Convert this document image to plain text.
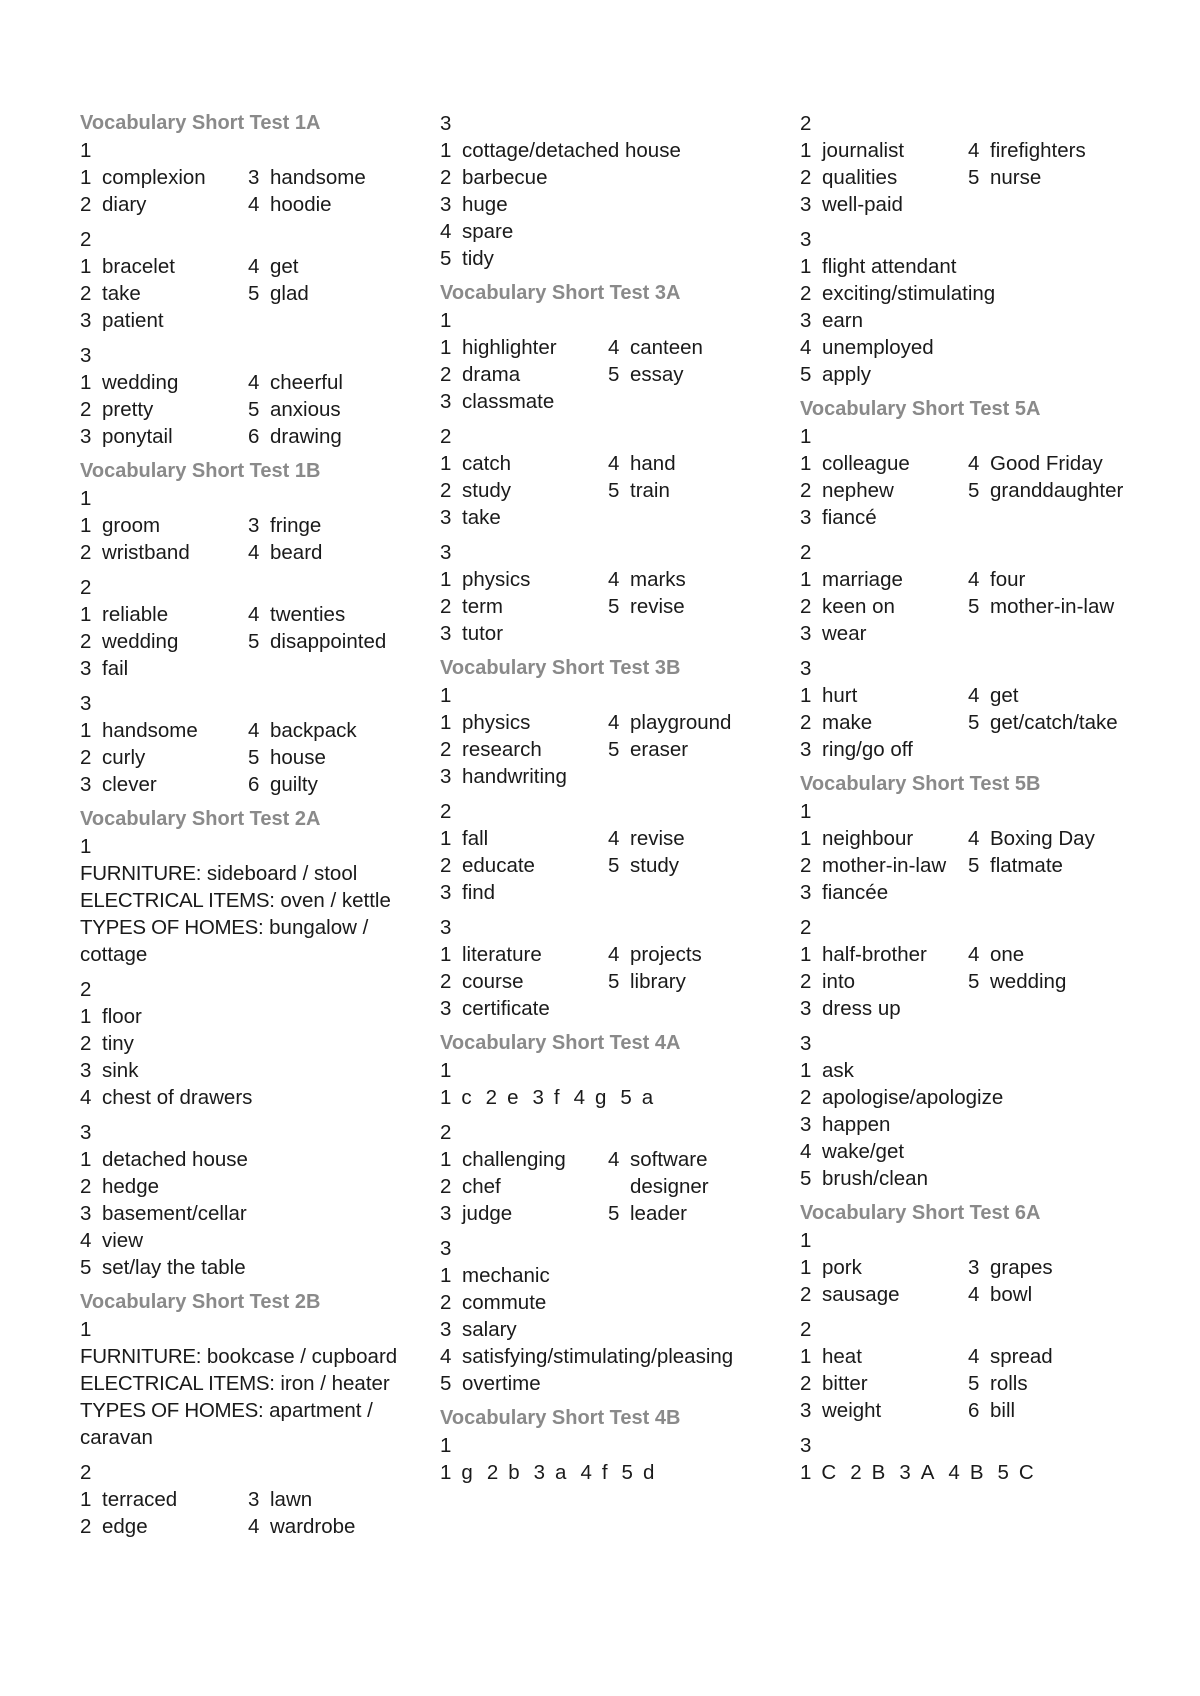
Vocabulary Short Test 1A
1
1 complexion
2 diary
3 handsome
4 hoodie
2
1 bracelet
2 take
3 patient
4 get
5 glad
3
1 wedding
2 pretty
3 ponytail
4 cheerful
5 anxious
6 drawing
Vocabulary Short Test 1B
1
1 groom
2 wristband
3 fringe
4 beard
2
1 reliable
2 wedding
3 fail
4 twenties
5 disappointed
3
1 handsome
2 curly
3 clever
4 backpack
5 house
6 guilty
Vocabulary Short Test 2A
1
FURNITURE: sideboard / stool
ELECTRICAL ITEMS: oven / kettle
TYPES OF HOMES: bungalow / cottage
2
1 floor
2 tiny
3 sink
4 chest of drawers
3
1 detached house
2 hedge
3 basement/cellar
4 view
5 set/lay the table
Vocabulary Short Test 2B
1
FURNITURE: bookcase / cupboard
ELECTRICAL ITEMS: iron / heater
TYPES OF HOMES: apartment / caravan
2
1 terraced
2 edge
3 lawn
4 wardrobe
3
1 cottage/detached house
2 barbecue
3 huge
4 spare
5 tidy
Vocabulary Short Test 3A
1
1 highlighter
2 drama
3 classmate
4 canteen
5 essay
2
1 catch
2 study
3 take
4 hand
5 train
3
1 physics
2 term
3 tutor
4 marks
5 revise
Vocabulary Short Test 3B
1
1 physics
2 research
3 handwriting
4 playground
5 eraser
2
1 fall
2 educate
3 find
4 revise
5 study
3
1 literature
2 course
3 certificate
4 projects
5 library
Vocabulary Short Test 4A
1
1 c 2 e 3 f 4 g 5 a
2
1 challenging
2 chef
3 judge
4 software designer
5 leader
3
1 mechanic
2 commute
3 salary
4 satisfying/stimulating/pleasing
5 overtime
Vocabulary Short Test 4B
1
1 g 2 b 3 a 4 f 5 d
2
1 journalist
2 qualities
3 well-paid
4 firefighters
5 nurse
3
1 flight attendant
2 exciting/stimulating
3 earn
4 unemployed
5 apply
Vocabulary Short Test 5A
1
1 colleague
2 nephew
3 fiancé
4 Good Friday
5 granddaughter
2
1 marriage
2 keen on
3 wear
4 four
5 mother-in-law
3
1 hurt
2 make
3 ring/go off
4 get
5 get/catch/take
Vocabulary Short Test 5B
1
1 neighbour
2 mother-in-law
3 fiancée
4 Boxing Day
5 flatmate
2
1 half-brother
2 into
3 dress up
4 one
5 wedding
3
1 ask
2 apologise/apologize
3 happen
4 wake/get
5 brush/clean
Vocabulary Short Test 6A
1
1 pork
2 sausage
3 grapes
4 bowl
2
1 heat
2 bitter
3 weight
4 spread
5 rolls
6 bill
3
1 C 2 B 3 A 4 B 5 C
